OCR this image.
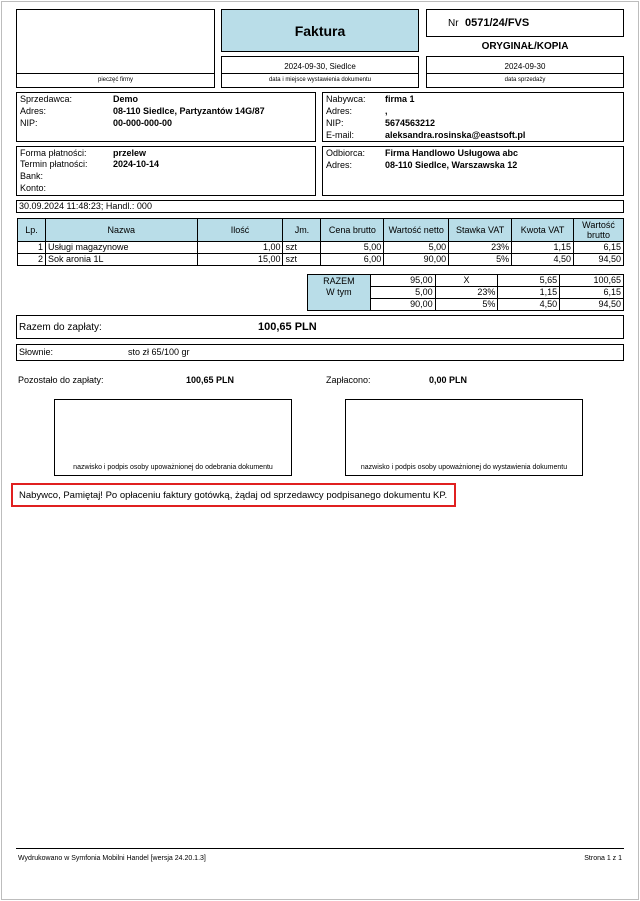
pieczęć firmy
Faktura
2024-09-30, Siedlce
data i miejsce wystawienia dokumentu
Nr 0571/24/FVS
ORYGINAŁ/KOPIA
2024-09-30
data sprzedaży
Sprzedawca:	Demo
Adres:	08-110 Siedlce, Partyzantów 14G/87
NIP:	00-000-000-00
Nabywca: firma 1
Adres:	,
NIP:	5674563212
E-mail:	aleksandra.rosinska@eastsoft.pl
Forma płatności:	przelew
Termin płatności:	2024-10-14
Bank:
Konto:
Odbiorca: Firma Handlowo Usługowa abc
Adres:	08-110 Siedlce, Warszawska 12
30.09.2024 11:48:23; Handl.: 000
Lp.	Nazwa	Ilość	Jm.	Cena brutto	Wartość netto	Stawka VAT	Kwota VAT	Wartość brutto
1	Usługi magazynowe	1,00	szt	5,00	5,00	23%	1,15	6,15
2	Sok aronia 1L	15,00	szt	6,00	90,00	5%	4,50	94,50
RAZEM
W tym	95,00	X	5,65	100,65
	5,00	23%	1,15	6,15
	90,00	5%	4,50	94,50
Razem do zapłaty:	100,65 PLN
Słownie:	sto zł 65/100 gr
Pozostało do zapłaty:	100,65 PLN	Zapłacono:	0,00 PLN
nazwisko i podpis osoby upoważnionej do odebrania dokumentu	nazwisko i podpis osoby upoważnionej do wystawienia dokumentu
Nabywco, Pamiętaj! Po opłaceniu faktury gotówką, żądaj od sprzedawcy podpisanego dokumentu KP.
Wydrukowano w Symfonia Mobilni Handel [wersja 24.20.1.3]	Strona 1 z 1
